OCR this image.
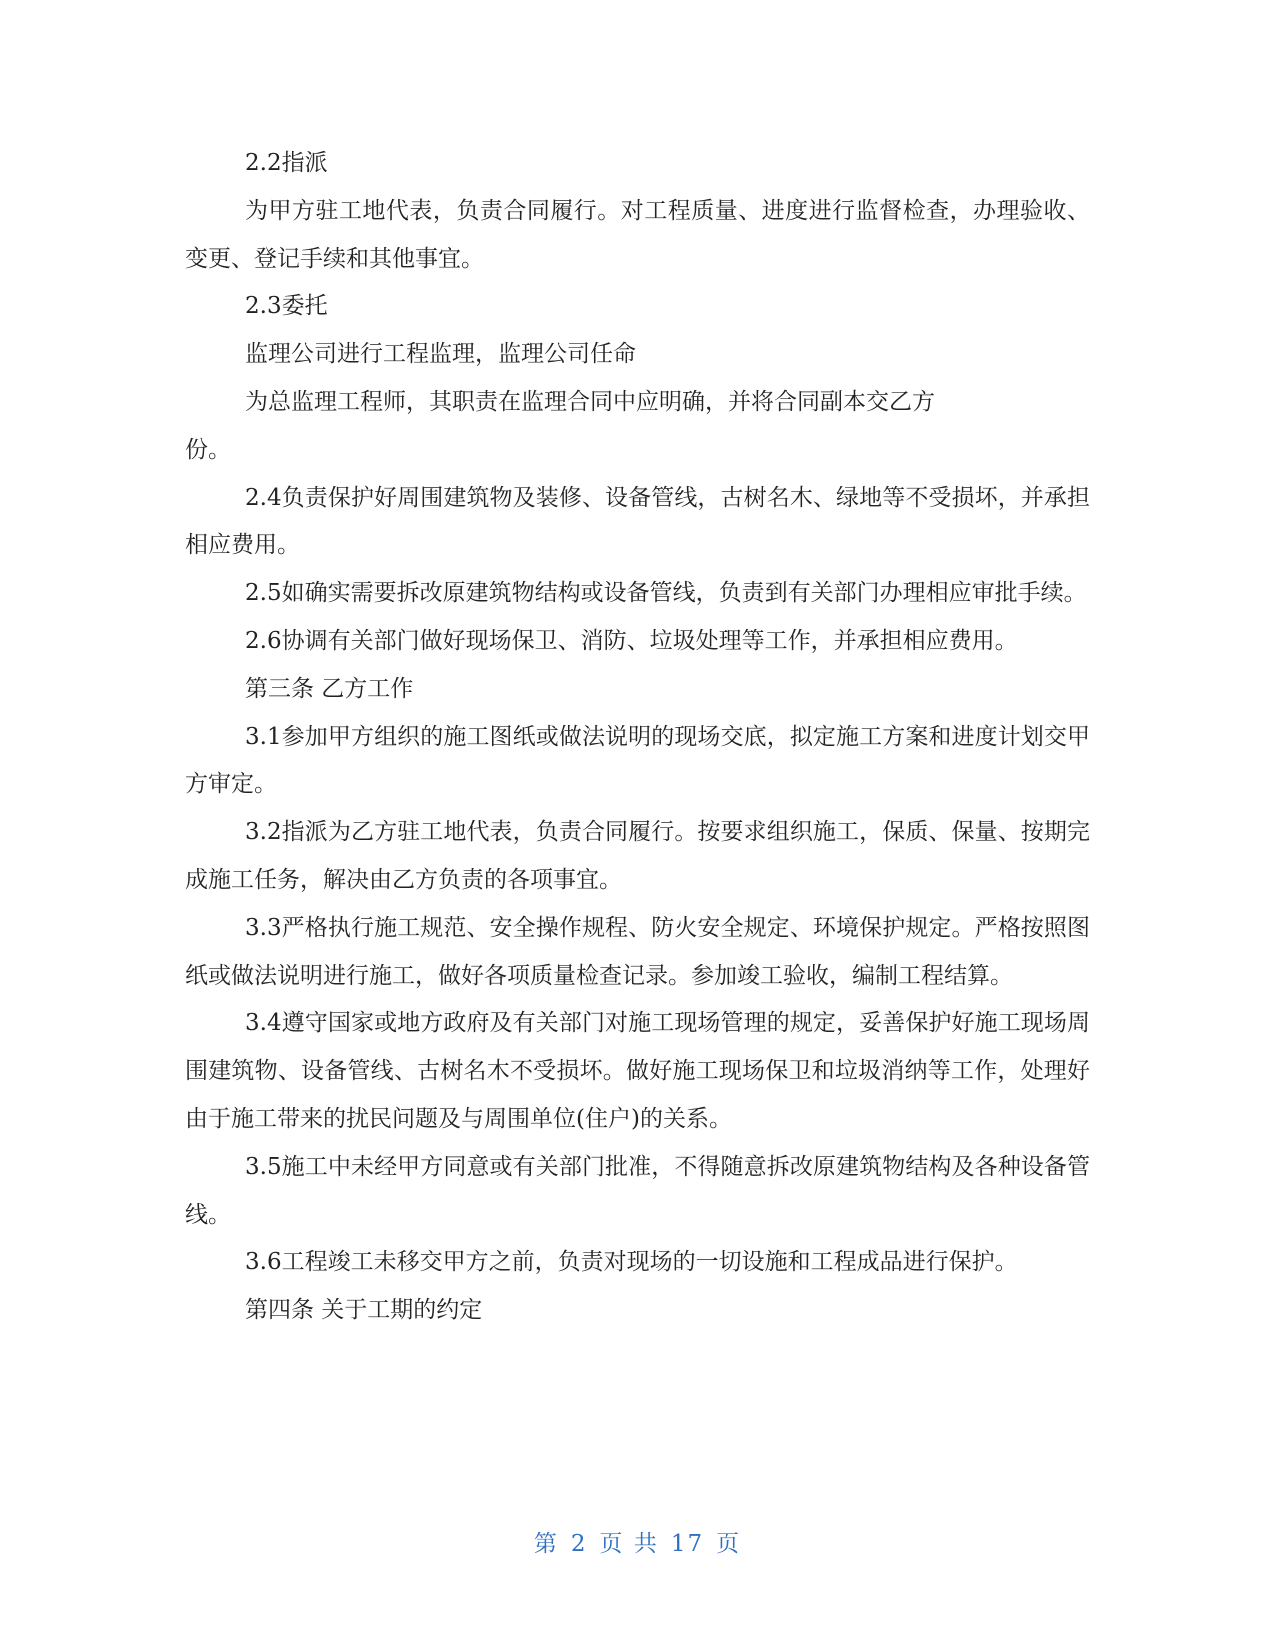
2.2指派

为甲方驻工地代表，负责合同履行。对工程质量、进度进行监督检查，办理验收、变更、登记手续和其他事宜。

2.3委托

监理公司进行工程监理，监理公司任命

为总监理工程师，其职责在监理合同中应明确，并将合同副本交乙方

份。

2.4负责保护好周围建筑物及装修、设备管线，古树名木、绿地等不受损坏，并承担相应费用。

2.5如确实需要拆改原建筑物结构或设备管线，负责到有关部门办理相应审批手续。

2.6协调有关部门做好现场保卫、消防、垃圾处理等工作，并承担相应费用。

第三条 乙方工作

3.1参加甲方组织的施工图纸或做法说明的现场交底，拟定施工方案和进度计划交甲方审定。

3.2指派为乙方驻工地代表，负责合同履行。按要求组织施工，保质、保量、按期完成施工任务，解决由乙方负责的各项事宜。

3.3严格执行施工规范、安全操作规程、防火安全规定、环境保护规定。严格按照图纸或做法说明进行施工，做好各项质量检查记录。参加竣工验收，编制工程结算。

3.4遵守国家或地方政府及有关部门对施工现场管理的规定，妥善保护好施工现场周围建筑物、设备管线、古树名木不受损坏。做好施工现场保卫和垃圾消纳等工作，处理好由于施工带来的扰民问题及与周围单位(住户)的关系。

3.5施工中未经甲方同意或有关部门批准，不得随意拆改原建筑物结构及各种设备管线。

3.6工程竣工未移交甲方之前，负责对现场的一切设施和工程成品进行保护。

第四条 关于工期的约定

第 2 页 共 17 页
